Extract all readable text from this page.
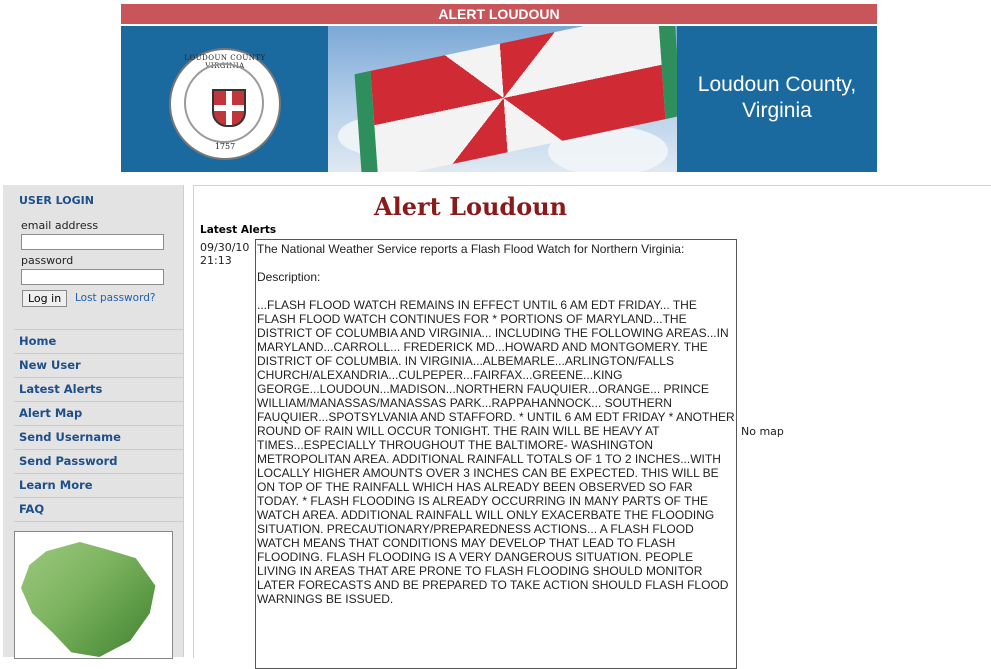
ALERT LOUDOUN
LOUDOUN COUNTY VIRGINIA
1757
Loudoun County,
Virginia
USER LOGIN
email address
password
Log in	Lost password?
Home
New User
Latest Alerts
Alert Map
Send Username
Send Password
Learn More
FAQ
Alert Loudoun
Latest Alerts
09/30/10
21:13

The National Weather Service reports a Flash Flood Watch for Northern Virginia:

Description:

...FLASH FLOOD WATCH REMAINS IN EFFECT UNTIL 6 AM EDT FRIDAY... THE FLASH FLOOD WATCH CONTINUES FOR * PORTIONS OF MARYLAND...THE DISTRICT OF COLUMBIA AND VIRGINIA... INCLUDING THE FOLLOWING AREAS...IN MARYLAND...CARROLL... FREDERICK MD...HOWARD AND MONTGOMERY. THE DISTRICT OF COLUMBIA. IN VIRGINIA...ALBEMARLE...ARLINGTON/FALLS CHURCH/ALEXANDRIA...CULPEPER...FAIRFAX...GREENE...KING GEORGE...LOUDOUN...MADISON...NORTHERN FAUQUIER...ORANGE... PRINCE WILLIAM/MANASSAS/MANASSAS PARK...RAPPAHANNOCK... SOUTHERN FAUQUIER...SPOTSYLVANIA AND STAFFORD. * UNTIL 6 AM EDT FRIDAY * ANOTHER ROUND OF RAIN WILL OCCUR TONIGHT. THE RAIN WILL BE HEAVY AT TIMES...ESPECIALLY THROUGHOUT THE BALTIMORE- WASHINGTON METROPOLITAN AREA. ADDITIONAL RAINFALL TOTALS OF 1 TO 2 INCHES...WITH LOCALLY HIGHER AMOUNTS OVER 3 INCHES CAN BE EXPECTED. THIS WILL BE ON TOP OF THE RAINFALL WHICH HAS ALREADY BEEN OBSERVED SO FAR TODAY. * FLASH FLOODING IS ALREADY OCCURRING IN MANY PARTS OF THE WATCH AREA. ADDITIONAL RAINFALL WILL ONLY EXACERBATE THE FLOODING SITUATION. PRECAUTIONARY/PREPAREDNESS ACTIONS... A FLASH FLOOD WATCH MEANS THAT CONDITIONS MAY DEVELOP THAT LEAD TO FLASH FLOODING. FLASH FLOODING IS A VERY DANGEROUS SITUATION. PEOPLE LIVING IN AREAS THAT ARE PRONE TO FLASH FLOODING SHOULD MONITOR LATER FORECASTS AND BE PREPARED TO TAKE ACTION SHOULD FLASH FLOOD WARNINGS BE ISSUED.

No map
